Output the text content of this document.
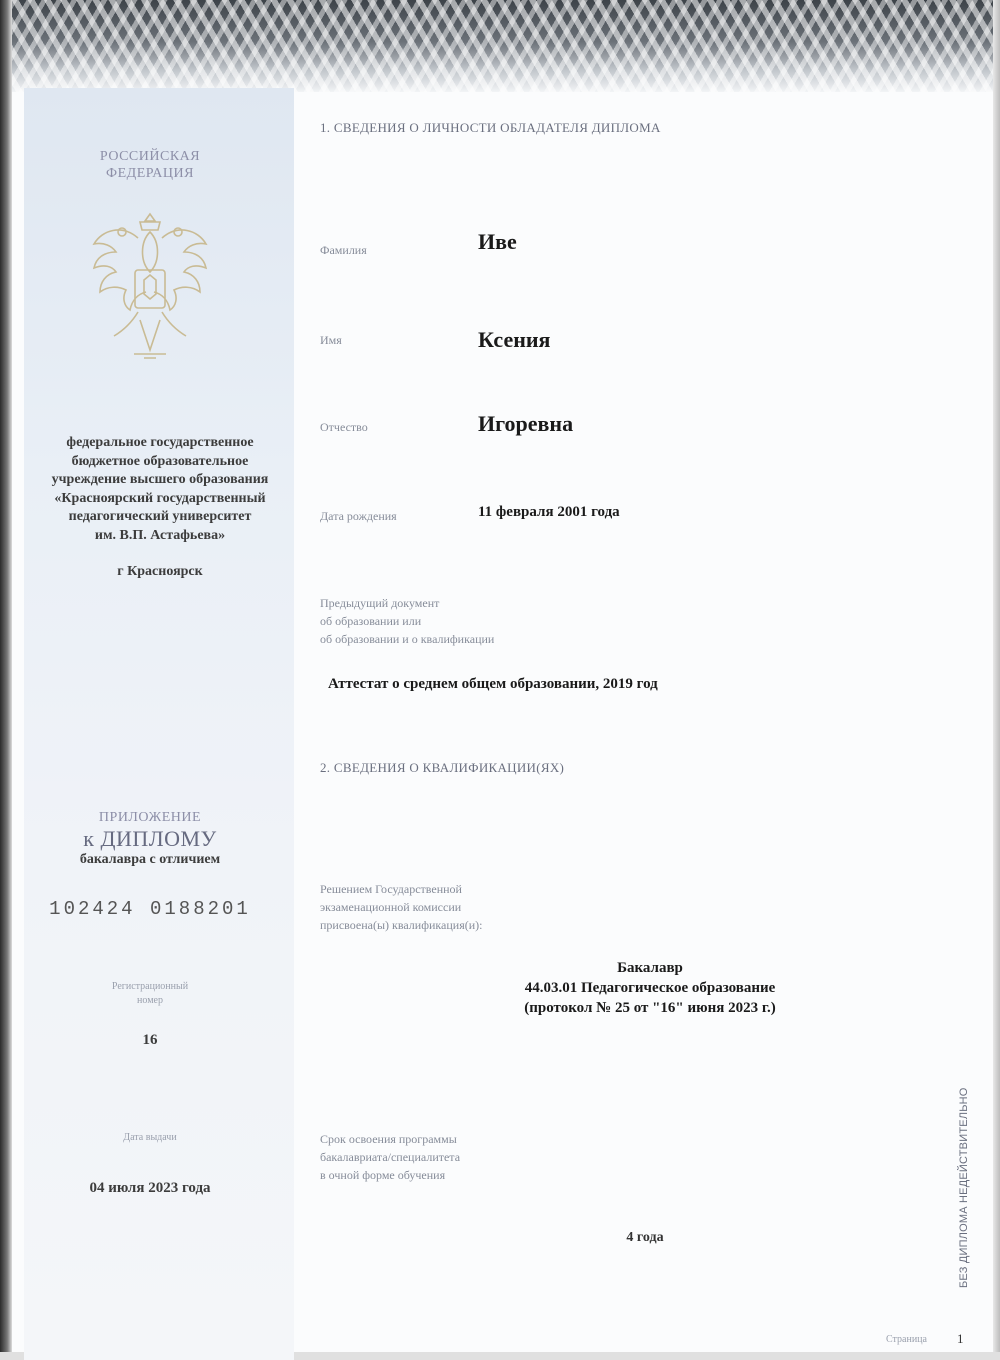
РОССИЙСКАЯ
ФЕДЕРАЦИЯ
федеральное государственное
бюджетное образовательное
учреждение высшего образования
«Красноярский государственный
педагогический университет
им. В.П. Астафьева»
г Красноярск
ПРИЛОЖЕНИЕ
к ДИПЛОМУ
бакалавра с отличием
102424 0188201
Регистрационный
номер
16
Дата выдачи
04 июля 2023 года
1. СВЕДЕНИЯ О ЛИЧНОСТИ ОБЛАДАТЕЛЯ ДИПЛОМА
Фамилия	Иве
Имя	Ксения
Отчество	Игоревна
Дата рождения	11 февраля 2001 года
Предыдущий документ
об образовании или
об образовании и о квалификации
Аттестат о среднем общем образовании, 2019 год
2. СВЕДЕНИЯ О КВАЛИФИКАЦИИ(ЯХ)
Решением Государственной
экзаменационной комиссии
присвоена(ы) квалификация(и):
Бакалавр
44.03.01 Педагогическое образование
(протокол № 25 от "16" июня 2023 г.)
Срок освоения программы
бакалавриата/специалитета
в очной форме обучения
4 года	БЕЗ ДИПЛОМА НЕДЕЙСТВИТЕЛЬНО
Страница 1
